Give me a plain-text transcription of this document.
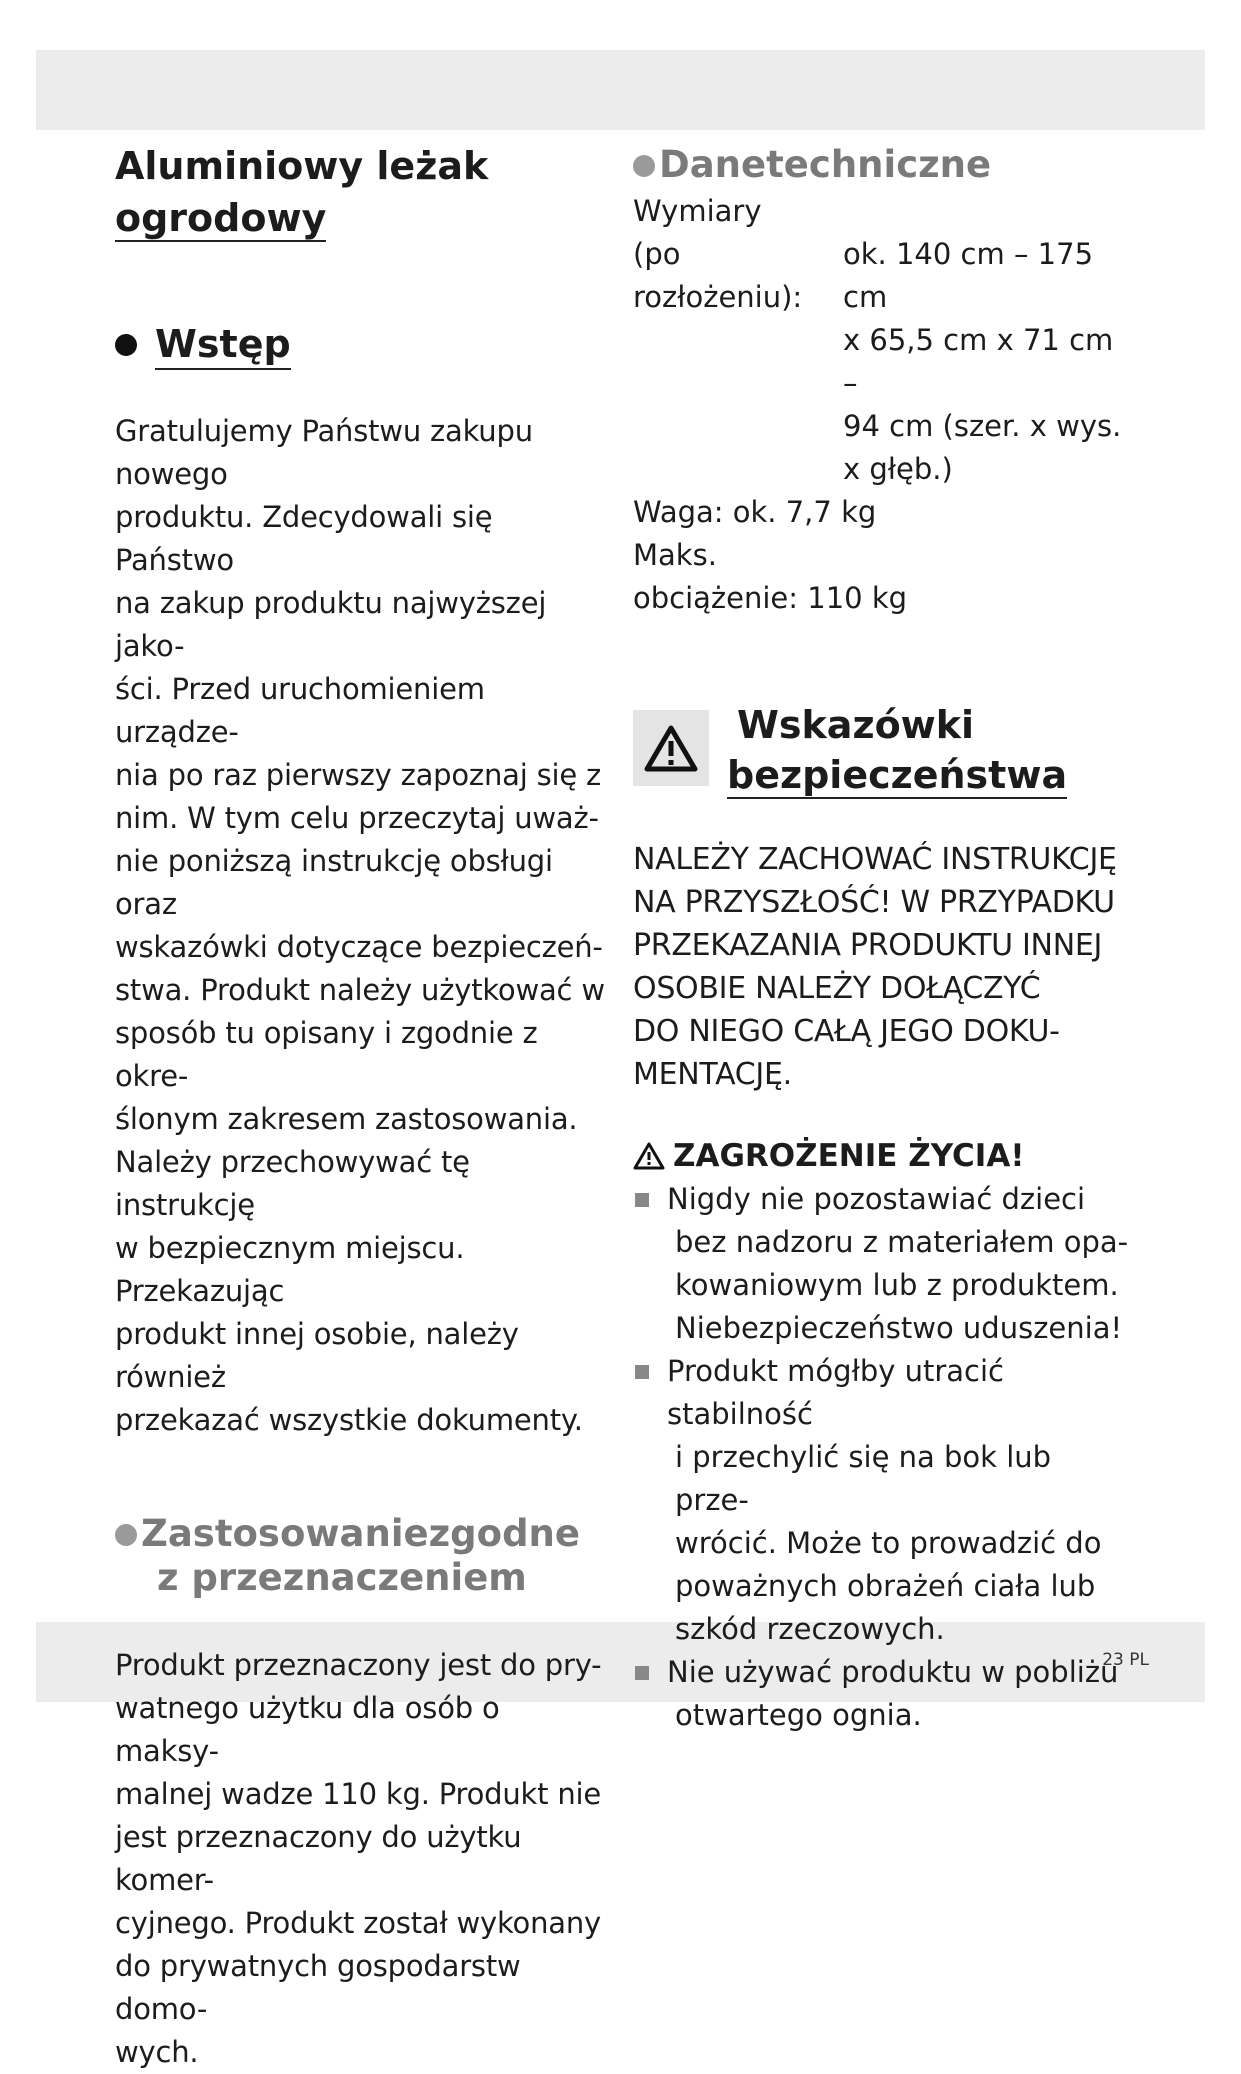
23 PL
Aluminiowy leżak
ogrodowy
Wstęp

Gratulujemy Państwu zakupu nowego
produktu. Zdecydowali się Państwo
na zakup produktu najwyższej jako-
ści. Przed uruchomieniem urządze-
nia po raz pierwszy zapoznaj się z
nim. W tym celu przeczytaj uważ-
nie poniższą instrukcję obsługi oraz
wskazówki dotyczące bezpieczeń-
stwa. Produkt należy użytkować w
sposób tu opisany i zgodnie z okre-
ślonym zakresem zastosowania.
Należy przechowywać tę instrukcję
w bezpiecznym miejscu. Przekazując
produkt innej osobie, należy również
przekazać wszystkie dokumenty.

Zastosowaniezgodne
z przeznaczeniem

Produkt przeznaczony jest do pry-
watnego użytku dla osób o maksy-
malnej wadze 110 kg. Produkt nie
jest przeznaczony do użytku komer-
cyjnego. Produkt został wykonany
do prywatnych gospodarstw domo-
wych.

Danetechniczne
Wymiary
(po rozłożeniu):
ok. 140 cm – 175 cm
x 65,5 cm x 71 cm –
94 cm (szer. x wys.
x głęb.)
Waga: ok. 7,7 kg
Maks.
obciążenie: 110 kg
Wskazówki
bezpieczeństwa

NALEŻY ZACHOWAĆ INSTRUKCJĘ
NA PRZYSZŁOŚĆ! W PRZYPADKU
PRZEKAZANIA PRODUKTU INNEJ
OSOBIE NALEŻY DOŁĄCZYĆ
DO NIEGO CAŁĄ JEGO DOKU-
MENTACJĘ.

ZAGROŻENIE ŻYCIA!
Nigdy nie pozostawiać dzieci

bez nadzoru z materiałem opa-
kowaniowym lub z produktem.
Niebezpieczeństwo uduszenia!
Produkt mógłby utracić stabilność

i przechylić się na bok lub prze-
wrócić. Może to prowadzić do
poważnych obrażeń ciała lub
szkód rzeczowych.
Nie używać produktu w pobliżu

otwartego ognia.
